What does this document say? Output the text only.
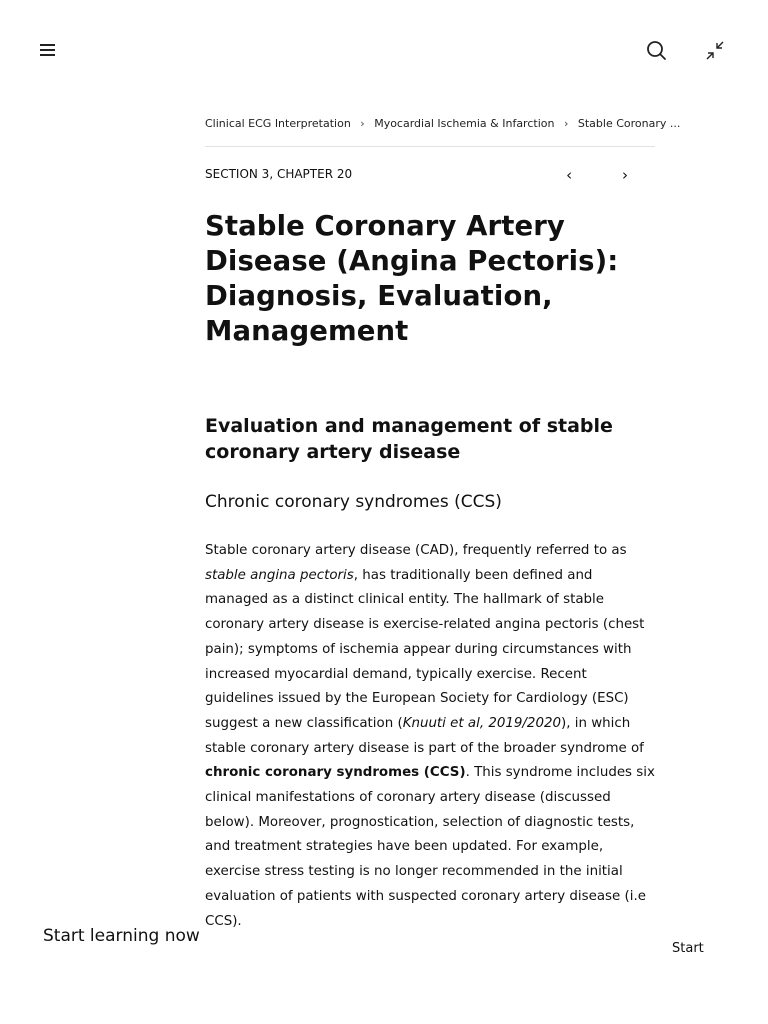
Clinical ECG Interpretation › Myocardial Ischemia & Infarction › Stable Coronary ...
SECTION 3, CHAPTER 20	‹	›
Stable Coronary Artery Disease (Angina Pectoris): Diagnosis, Evaluation, Management
Evaluation and management of stable coronary artery disease
Chronic coronary syndromes (CCS)

Stable coronary artery disease (CAD), frequently referred to as stable angina pectoris, has traditionally been defined and managed as a distinct clinical entity. The hallmark of stable coronary artery disease is exercise-related angina pectoris (chest pain); symptoms of ischemia appear during circumstances with increased myocardial demand, typically exercise. Recent guidelines issued by the European Society for Cardiology (ESC) suggest a new classification (Knuuti et al, 2019/2020), in which stable coronary artery disease is part of the broader syndrome of chronic coronary syndromes (CCS). This syndrome includes six clinical manifestations of coronary artery disease (discussed below). Moreover, prognostication, selection of diagnostic tests, and treatment strategies have been updated. For example, exercise stress testing is no longer recommended in the initial evaluation of patients with suspected coronary artery disease (i.e CCS).

Start learning now
Start
